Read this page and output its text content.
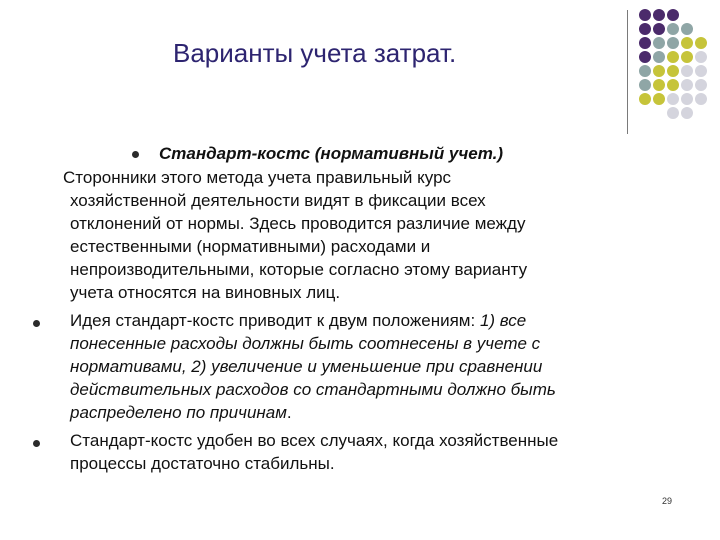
Варианты учета затрат.
Стандарт-костс (нормативный учет.)
Сторонники этого метода учета правильный курс
хозяйственной деятельности видят в фиксации всех
отклонений от нормы. Здесь проводится различие между
естественными (нормативными) расходами и
непроизводительными, которые согласно этому варианту
учета относятся на виновных лиц.
Идея стандарт-костс приводит к двум положениям: 1) все
понесенные расходы должны быть соотнесены в учете с
нормативами, 2) увеличение и уменьшение при сравнении
действительных расходов со стандартными должно быть
распределено по причинам.
Стандарт-костс удобен во всех случаях, когда хозяйственные
процессы достаточно стабильны.
29
